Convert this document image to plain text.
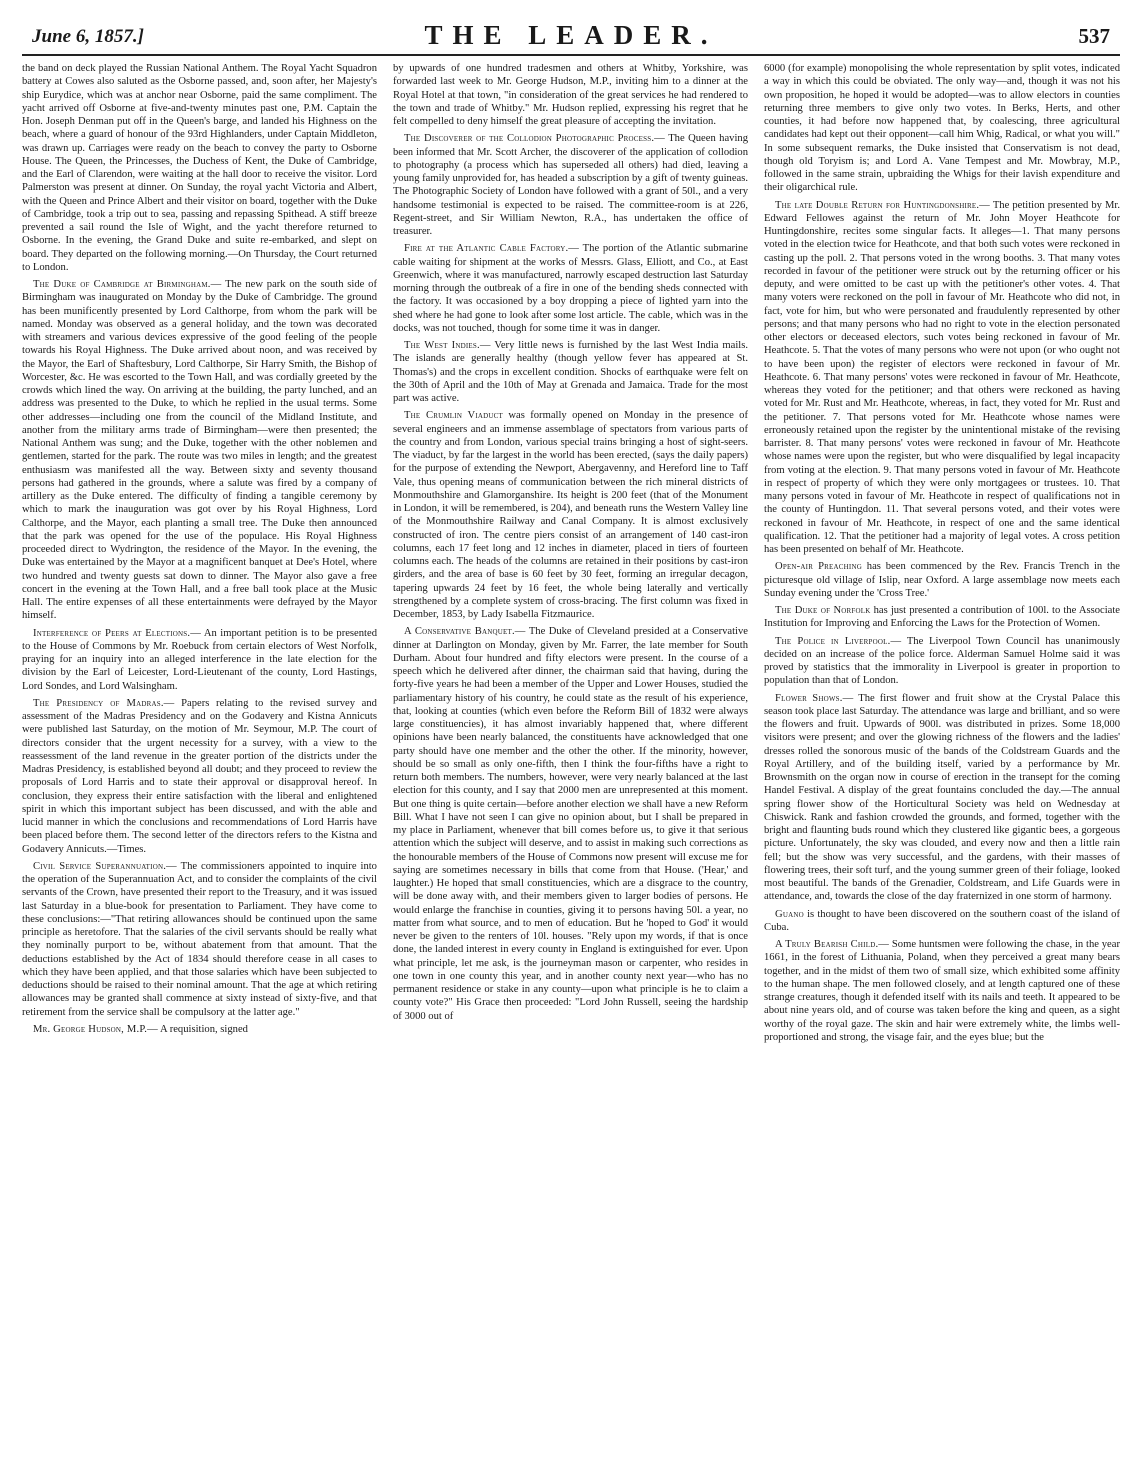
June 6, 1857.]	THE LEADER.	537

the band on deck played the Russian National Anthem. The Royal Yacht Squadron battery at Cowes also saluted as the Osborne passed, and, soon after, her Majesty's ship Eurydice, which was at anchor near Osborne, paid the same compliment. The yacht arrived off Osborne at five-and-twenty minutes past one, P.M. Captain the Hon. Joseph Denman put off in the Queen's barge, and landed his Highness on the beach, where a guard of honour of the 93rd Highlanders, under Captain Middleton, was drawn up. Carriages were ready on the beach to convey the party to Osborne House. The Queen, the Princesses, the Duchess of Kent, the Duke of Cambridge, and the Earl of Clarendon, were waiting at the hall door to receive the visitor. Lord Palmerston was present at dinner. On Sunday, the royal yacht Victoria and Albert, with the Queen and Prince Albert and their visitor on board, together with the Duke of Cambridge, took a trip out to sea, passing and repassing Spithead. A stiff breeze prevented a sail round the Isle of Wight, and the yacht therefore returned to Osborne. In the evening, the Grand Duke and suite re-embarked, and slept on board. They departed on the following morning.—On Thursday, the Court returned to London.

The Duke of Cambridge at Birmingham.— The new park on the south side of Birmingham was inaugurated on Monday by the Duke of Cambridge. The ground has been munificently presented by Lord Calthorpe, from whom the park will be named. Monday was observed as a general holiday, and the town was decorated with streamers and various devices expressive of the good feeling of the people towards his Royal Highness. The Duke arrived about noon, and was received by the Mayor, the Earl of Shaftesbury, Lord Calthorpe, Sir Harry Smith, the Bishop of Worcester, &c. He was escorted to the Town Hall, and was cordially greeted by the crowds which lined the way. On arriving at the building, the party lunched, and an address was presented to the Duke, to which he replied in the usual terms. Some other addresses—including one from the council of the Midland Institute, and another from the military arms trade of Birmingham—were then presented; the National Anthem was sung; and the Duke, together with the other noblemen and gentlemen, started for the park. The route was two miles in length; and the greatest enthusiasm was manifested all the way. Between sixty and seventy thousand persons had gathered in the grounds, where a salute was fired by a company of artillery as the Duke entered. The difficulty of finding a tangible ceremony by which to mark the inauguration was got over by his Royal Highness, Lord Calthorpe, and the Mayor, each planting a small tree. The Duke then announced that the park was opened for the use of the populace. His Royal Highness proceeded direct to Wydrington, the residence of the Mayor. In the evening, the Duke was entertained by the Mayor at a magnificent banquet at Dee's Hotel, where two hundred and twenty guests sat down to dinner. The Mayor also gave a free concert in the evening at the Town Hall, and a free ball took place at the Music Hall. The entire expenses of all these entertainments were defrayed by the Mayor himself.

Interference of Peers at Elections.— An important petition is to be presented to the House of Commons by Mr. Roebuck from certain electors of West Norfolk, praying for an inquiry into an alleged interference in the late election for the division by the Earl of Leicester, Lord-Lieutenant of the county, Lord Hastings, Lord Sondes, and Lord Walsingham.

The Presidency of Madras.— Papers relating to the revised survey and assessment of the Madras Presidency and on the Godavery and Kistna Annicuts were published last Saturday, on the motion of Mr. Seymour, M.P. The court of directors consider that the urgent necessity for a survey, with a view to the reassessment of the land revenue in the greater portion of the districts under the Madras Presidency, is established beyond all doubt; and they proceed to review the proposals of Lord Harris and to state their approval or disapproval hereof. In conclusion, they express their entire satisfaction with the liberal and enlightened spirit in which this important subject has been discussed, and with the able and lucid manner in which the conclusions and recommendations of Lord Harris have been placed before them. The second letter of the directors refers to the Kistna and Godavery Annicuts.—Times.

Civil Service Superannuation.— The commissioners appointed to inquire into the operation of the Superannuation Act, and to consider the complaints of the civil servants of the Crown, have presented their report to the Treasury, and it was issued last Saturday in a blue-book for presentation to Parliament. They have come to these conclusions:—"That retiring allowances should be continued upon the same principle as heretofore. That the salaries of the civil servants should be really what they nominally purport to be, without abatement from that amount. That the deductions established by the Act of 1834 should therefore cease in all cases to which they have been applied, and that those salaries which have been subjected to deductions should be raised to their nominal amount. That the age at which retiring allowances may be granted shall commence at sixty instead of sixty-five, and that retirement from the service shall be compulsory at the latter age."

Mr. George Hudson, M.P.— A requisition, signed

by upwards of one hundred tradesmen and others at Whitby, Yorkshire, was forwarded last week to Mr. George Hudson, M.P., inviting him to a dinner at the Royal Hotel at that town, "in consideration of the great services he had rendered to the town and trade of Whitby." Mr. Hudson replied, expressing his regret that he felt compelled to deny himself the great pleasure of accepting the invitation.

The Discoverer of the Collodion Photographic Process.— The Queen having been informed that Mr. Scott Archer, the discoverer of the application of collodion to photography (a process which has superseded all others) had died, leaving a young family unprovided for, has headed a subscription by a gift of twenty guineas. The Photographic Society of London have followed with a grant of 50l., and a very handsome testimonial is expected to be raised. The committee-room is at 226, Regent-street, and Sir William Newton, R.A., has undertaken the office of treasurer.

Fire at the Atlantic Cable Factory.— The portion of the Atlantic submarine cable waiting for shipment at the works of Messrs. Glass, Elliott, and Co., at East Greenwich, where it was manufactured, narrowly escaped destruction last Saturday morning through the outbreak of a fire in one of the bending sheds connected with the factory. It was occasioned by a boy dropping a piece of lighted yarn into the shed where he had gone to look after some lost article. The cable, which was in the docks, was not touched, though for some time it was in danger.

The West Indies.— Very little news is furnished by the last West India mails. The islands are generally healthy (though yellow fever has appeared at St. Thomas's) and the crops in excellent condition. Shocks of earthquake were felt on the 30th of April and the 10th of May at Grenada and Jamaica. Trade for the most part was active.

The Crumlin Viaduct was formally opened on Monday in the presence of several engineers and an immense assemblage of spectators from various parts of the country and from London, various special trains bringing a host of sight-seers. The viaduct, by far the largest in the world has been erected, (says the daily papers) for the purpose of extending the Newport, Abergavenny, and Hereford line to Taff Vale, thus opening means of communication between the rich mineral districts of Monmouthshire and Glamorganshire. Its height is 200 feet (that of the Monument in London, it will be remembered, is 204), and beneath runs the Western Valley line of the Monmouthshire Railway and Canal Company. It is almost exclusively constructed of iron. The centre piers consist of an arrangement of 140 cast-iron columns, each 17 feet long and 12 inches in diameter, placed in tiers of fourteen columns each. The heads of the columns are retained in their positions by cast-iron girders, and the area of base is 60 feet by 30 feet, forming an irregular decagon, tapering upwards 24 feet by 16 feet, the whole being laterally and vertically strengthened by a complete system of cross-bracing. The first column was fixed in December, 1853, by Lady Isabella Fitzmaurice.

A Conservative Banquet.— The Duke of Cleveland presided at a Conservative dinner at Darlington on Monday, given by Mr. Farrer, the late member for South Durham. About four hundred and fifty electors were present. In the course of a speech which he delivered after dinner, the chairman said that having, during the forty-five years he had been a member of the Upper and Lower Houses, studied the parliamentary history of his country, he could state as the result of his experience, that, looking at counties (which even before the Reform Bill of 1832 were always large constituencies), it has almost invariably happened that, where different opinions have been nearly balanced, the constituents have acknowledged that one party should have one member and the other the other. If the minority, however, should be so small as only one-fifth, then I think the four-fifths have a right to return both members. The numbers, however, were very nearly balanced at the last election for this county, and I say that 2000 men are unrepresented at this moment. But one thing is quite certain—before another election we shall have a new Reform Bill. What I have not seen I can give no opinion about, but I shall be prepared in my place in Parliament, whenever that bill comes before us, to give it that serious attention which the subject will deserve, and to assist in making such corrections as the honourable members of the House of Commons now present will excuse me for saying are sometimes necessary in bills that come from that House. ('Hear,' and laughter.) He hoped that small constituencies, which are a disgrace to the country, will be done away with, and their members given to larger bodies of persons. He would enlarge the franchise in counties, giving it to persons having 50l. a year, no matter from what source, and to men of education. But he 'hoped to God' it would never be given to the renters of 10l. houses. "Rely upon my words, if that is once done, the landed interest in every county in England is extinguished for ever. Upon what principle, let me ask, is the journeyman mason or carpenter, who resides in one town in one county this year, and in another county next year—who has no permanent residence or stake in any county—upon what principle is he to claim a county vote?" His Grace then proceeded: "Lord John Russell, seeing the hardship of 3000 out of

6000 (for example) monopolising the whole representation by split votes, indicated a way in which this could be obviated. The only way—and, though it was not his own proposition, he hoped it would be adopted—was to allow electors in counties returning three members to give only two votes. In Berks, Herts, and other counties, it had before now happened that, by coalescing, three agricultural candidates had kept out their opponent—call him Whig, Radical, or what you will." In some subsequent remarks, the Duke insisted that Conservatism is not dead, though old Toryism is; and Lord A. Vane Tempest and Mr. Mowbray, M.P., followed in the same strain, upbraiding the Whigs for their lavish expenditure and their oligarchical rule.

The late Double Return for Huntingdonshire.— The petition presented by Mr. Edward Fellowes against the return of Mr. John Moyer Heathcote for Huntingdonshire, recites some singular facts. It alleges—1. That many persons voted in the election twice for Heathcote, and that both such votes were reckoned in casting up the poll. 2. That persons voted in the wrong booths. 3. That many votes recorded in favour of the petitioner were struck out by the returning officer or his deputy, and were omitted to be cast up with the petitioner's other votes. 4. That many voters were reckoned on the poll in favour of Mr. Heathcote who did not, in fact, vote for him, but who were personated and fraudulently represented by other persons; and that many persons who had no right to vote in the election personated other electors or deceased electors, such votes being reckoned in favour of Mr. Heathcote. 5. That the votes of many persons who were not upon (or who ought not to have been upon) the register of electors were reckoned in favour of Mr. Heathcote. 6. That many persons' votes were reckoned in favour of Mr. Heathcote, whereas they voted for the petitioner; and that others were reckoned as having voted for Mr. Rust and Mr. Heathcote, whereas, in fact, they voted for Mr. Rust and the petitioner. 7. That persons voted for Mr. Heathcote whose names were erroneously retained upon the register by the unintentional mistake of the revising barrister. 8. That many persons' votes were reckoned in favour of Mr. Heathcote whose names were upon the register, but who were disqualified by legal incapacity from voting at the election. 9. That many persons voted in favour of Mr. Heathcote in respect of property of which they were only mortgagees or trustees. 10. That many persons voted in favour of Mr. Heathcote in respect of qualifications not in the county of Huntingdon. 11. That several persons voted, and their votes were reckoned in favour of Mr. Heathcote, in respect of one and the same identical qualification. 12. That the petitioner had a majority of legal votes. A cross petition has been presented on behalf of Mr. Heathcote.

Open-air Preaching has been commenced by the Rev. Francis Trench in the picturesque old village of Islip, near Oxford. A large assemblage now meets each Sunday evening under the 'Cross Tree.'

The Duke of Norfolk has just presented a contribution of 100l. to the Associate Institution for Improving and Enforcing the Laws for the Protection of Women.

The Police in Liverpool.— The Liverpool Town Council has unanimously decided on an increase of the police force. Alderman Samuel Holme said it was proved by statistics that the immorality in Liverpool is greater in proportion to population than that of London.

Flower Shows.— The first flower and fruit show at the Crystal Palace this season took place last Saturday. The attendance was large and brilliant, and so were the flowers and fruit. Upwards of 900l. was distributed in prizes. Some 18,000 visitors were present; and over the glowing richness of the flowers and the ladies' dresses rolled the sonorous music of the bands of the Coldstream Guards and the Royal Artillery, and of the building itself, varied by a performance by Mr. Brownsmith on the organ now in course of erection in the transept for the coming Handel Festival. A display of the great fountains concluded the day.—The annual spring flower show of the Horticultural Society was held on Wednesday at Chiswick. Rank and fashion crowded the grounds, and formed, together with the bright and flaunting buds round which they clustered like gigantic bees, a gorgeous picture. Unfortunately, the sky was clouded, and every now and then a little rain fell; but the show was very successful, and the gardens, with their masses of flowering trees, their soft turf, and the young summer green of their foliage, looked most beautiful. The bands of the Grenadier, Coldstream, and Life Guards were in attendance, and, towards the close of the day fraternized in one storm of harmony.

Guano is thought to have been discovered on the southern coast of the island of Cuba.

A Truly Bearish Child.— Some huntsmen were following the chase, in the year 1661, in the forest of Lithuania, Poland, when they perceived a great many bears together, and in the midst of them two of small size, which exhibited some affinity to the human shape. The men followed closely, and at length captured one of these strange creatures, though it defended itself with its nails and teeth. It appeared to be about nine years old, and of course was taken before the king and queen, as a sight worthy of the royal gaze. The skin and hair were extremely white, the limbs well-proportioned and strong, the visage fair, and the eyes blue; but the
